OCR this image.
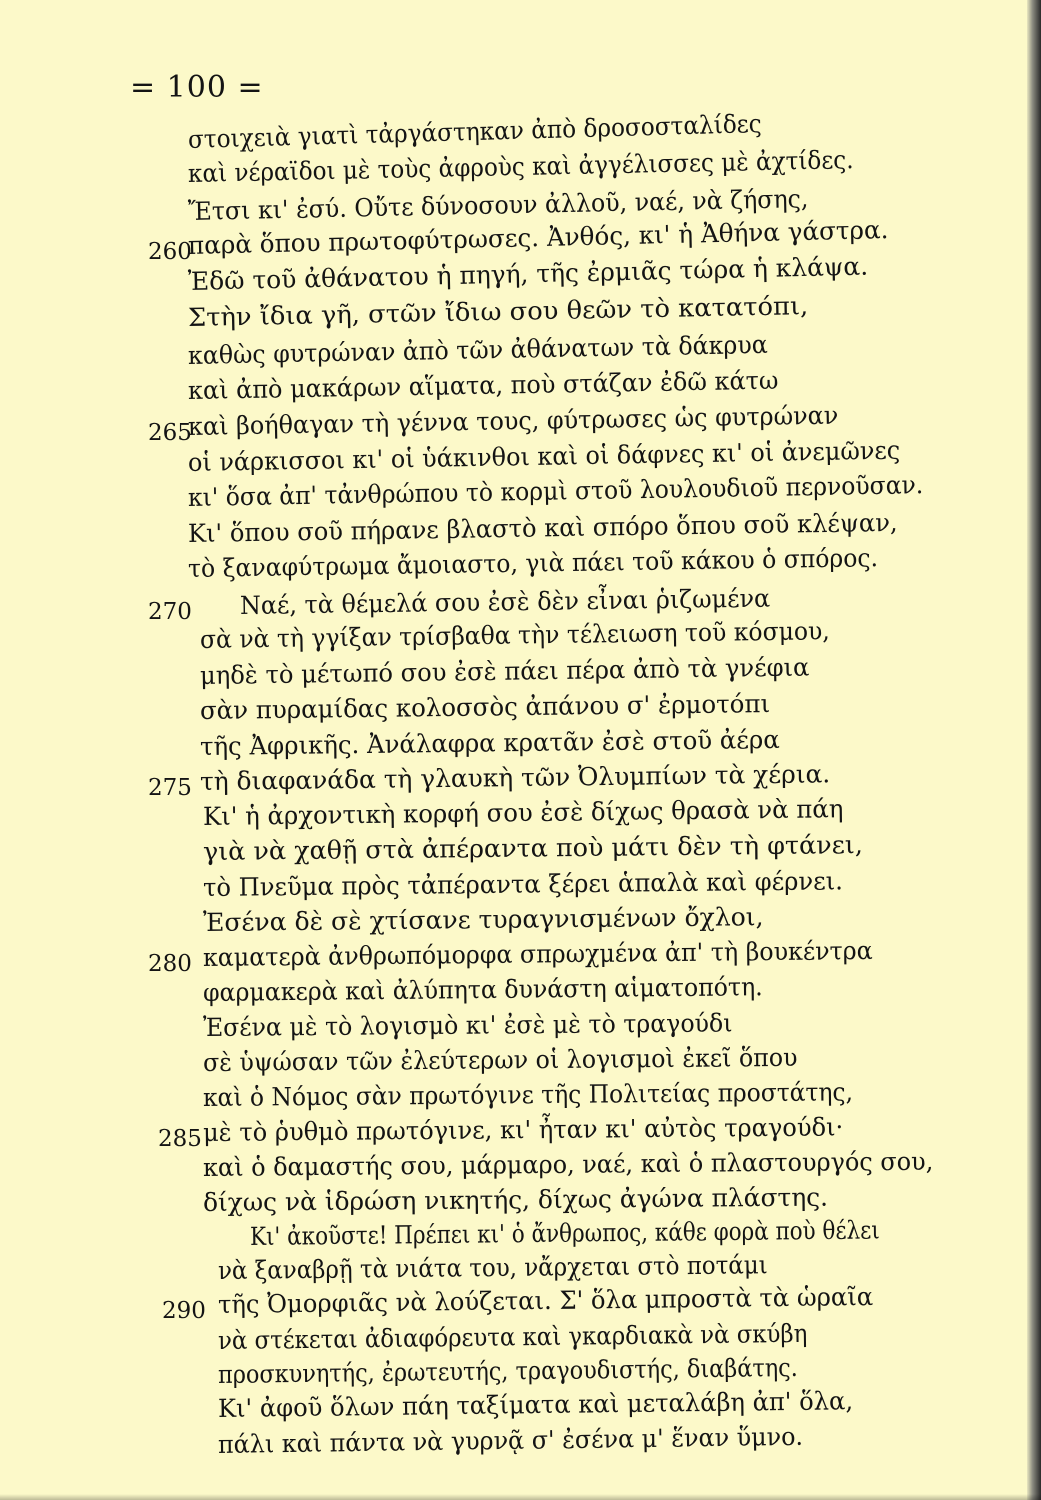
= 100 =
στοιχειὰ γιατὶ τἀργάστηκαν ἀπὸ δροσοσταλίδες
καὶ νέραϊδοι μὲ τοὺς ἀφροὺς καὶ ἀγγέλισσες μὲ ἀχτίδες.
Ἔτσι κι' ἐσύ. Οὔτε δύνοσουν ἀλλοῦ, ναέ, νὰ ζήσης,
παρὰ ὅπου πρωτοφύτρωσες. Ἀνθός, κι' ἡ Ἀθήνα γάστρα.
260
Ἐδῶ τοῦ ἀθάνατου ἡ πηγή, τῆς ἐρμιᾶς τώρα ἡ κλάψα.
Στὴν ἴδια γῆ, στῶν ἴδιω σου θεῶν τὸ κατατόπι,
καθὼς φυτρώναν ἀπὸ τῶν ἀθάνατων τὰ δάκρυα
καὶ ἀπὸ μακάρων αἵματα, ποὺ στάζαν ἐδῶ κάτω
καὶ βοήθαγαν τὴ γέννα τους, φύτρωσες ὡς φυτρώναν
265
οἱ νάρκισσοι κι' οἱ ὑάκινθοι καὶ οἱ δάφνες κι' οἱ ἀνεμῶνες
κι' ὅσα ἀπ' τἀνθρώπου τὸ κορμὶ στοῦ λουλουδιοῦ περνοῦσαν.
Κι' ὅπου σοῦ πήρανε βλαστὸ καὶ σπόρο ὅπου σοῦ κλέψαν,
τὸ ξαναφύτρωμα ἄμοιαστο, γιὰ πάει τοῦ κάκου ὁ σπόρος.
Ναέ, τὰ θέμελά σου ἐσὲ δὲν εἶναι ῥιζωμένα
270
σὰ νὰ τὴ γγίξαν τρίσβαθα τὴν τέλειωση τοῦ κόσμου,
μηδὲ τὸ μέτωπό σου ἐσὲ πάει πέρα ἀπὸ τὰ γνέφια
σὰν πυραμίδας κολοσσὸς ἀπάνου σ' ἐρμοτόπι
τῆς Ἀφρικῆς. Ἀνάλαφρα κρατᾶν ἐσὲ στοῦ ἀέρα
τὴ διαφανάδα τὴ γλαυκὴ τῶν Ὀλυμπίων τὰ χέρια.
275
Κι' ἡ ἀρχοντικὴ κορφή σου ἐσὲ δίχως θρασὰ νὰ πάη
γιὰ νὰ χαθῇ στὰ ἀπέραντα ποὺ μάτι δὲν τὴ φτάνει,
τὸ Πνεῦμα πρὸς τἀπέραντα ξέρει ἁπαλὰ καὶ φέρνει.
Ἐσένα δὲ σὲ χτίσανε τυραγνισμένων ὄχλοι,
καματερὰ ἀνθρωπόμορφα σπρωχμένα ἀπ' τὴ βουκέντρα
280
φαρμακερὰ καὶ ἀλύπητα δυνάστη αἱματοπότη.
Ἐσένα μὲ τὸ λογισμὸ κι' ἐσὲ μὲ τὸ τραγούδι
σὲ ὑψώσαν τῶν ἐλεύτερων οἱ λογισμοὶ ἐκεῖ ὅπου
καὶ ὁ Νόμος σὰν πρωτόγινε τῆς Πολιτείας προστάτης,
μὲ τὸ ῥυθμὸ πρωτόγινε, κι' ἦταν κι' αὐτὸς τραγούδι·
285
καὶ ὁ δαμαστής σου, μάρμαρο, ναέ, καὶ ὁ πλαστουργός σου,
δίχως νὰ ἱδρώση νικητής, δίχως ἀγώνα πλάστης.
Κι' ἀκοῦστε! Πρέπει κι' ὁ ἄνθρωπος, κάθε φορὰ ποὺ θέλει
νὰ ξαναβρῇ τὰ νιάτα του, νἄρχεται στὸ ποτάμι
τῆς Ὀμορφιᾶς νὰ λούζεται. Σ' ὅλα μπροστὰ τὰ ὡραῖα
290
νὰ στέκεται ἀδιαφόρευτα καὶ γκαρδιακὰ νὰ σκύβη
προσκυνητής, ἐρωτευτής, τραγουδιστής, διαβάτης.
Κι' ἀφοῦ ὅλων πάη ταξίματα καὶ μεταλάβη ἀπ' ὅλα,
πάλι καὶ πάντα νὰ γυρνᾷ σ' ἐσένα μ' ἕναν ὕμνο.
